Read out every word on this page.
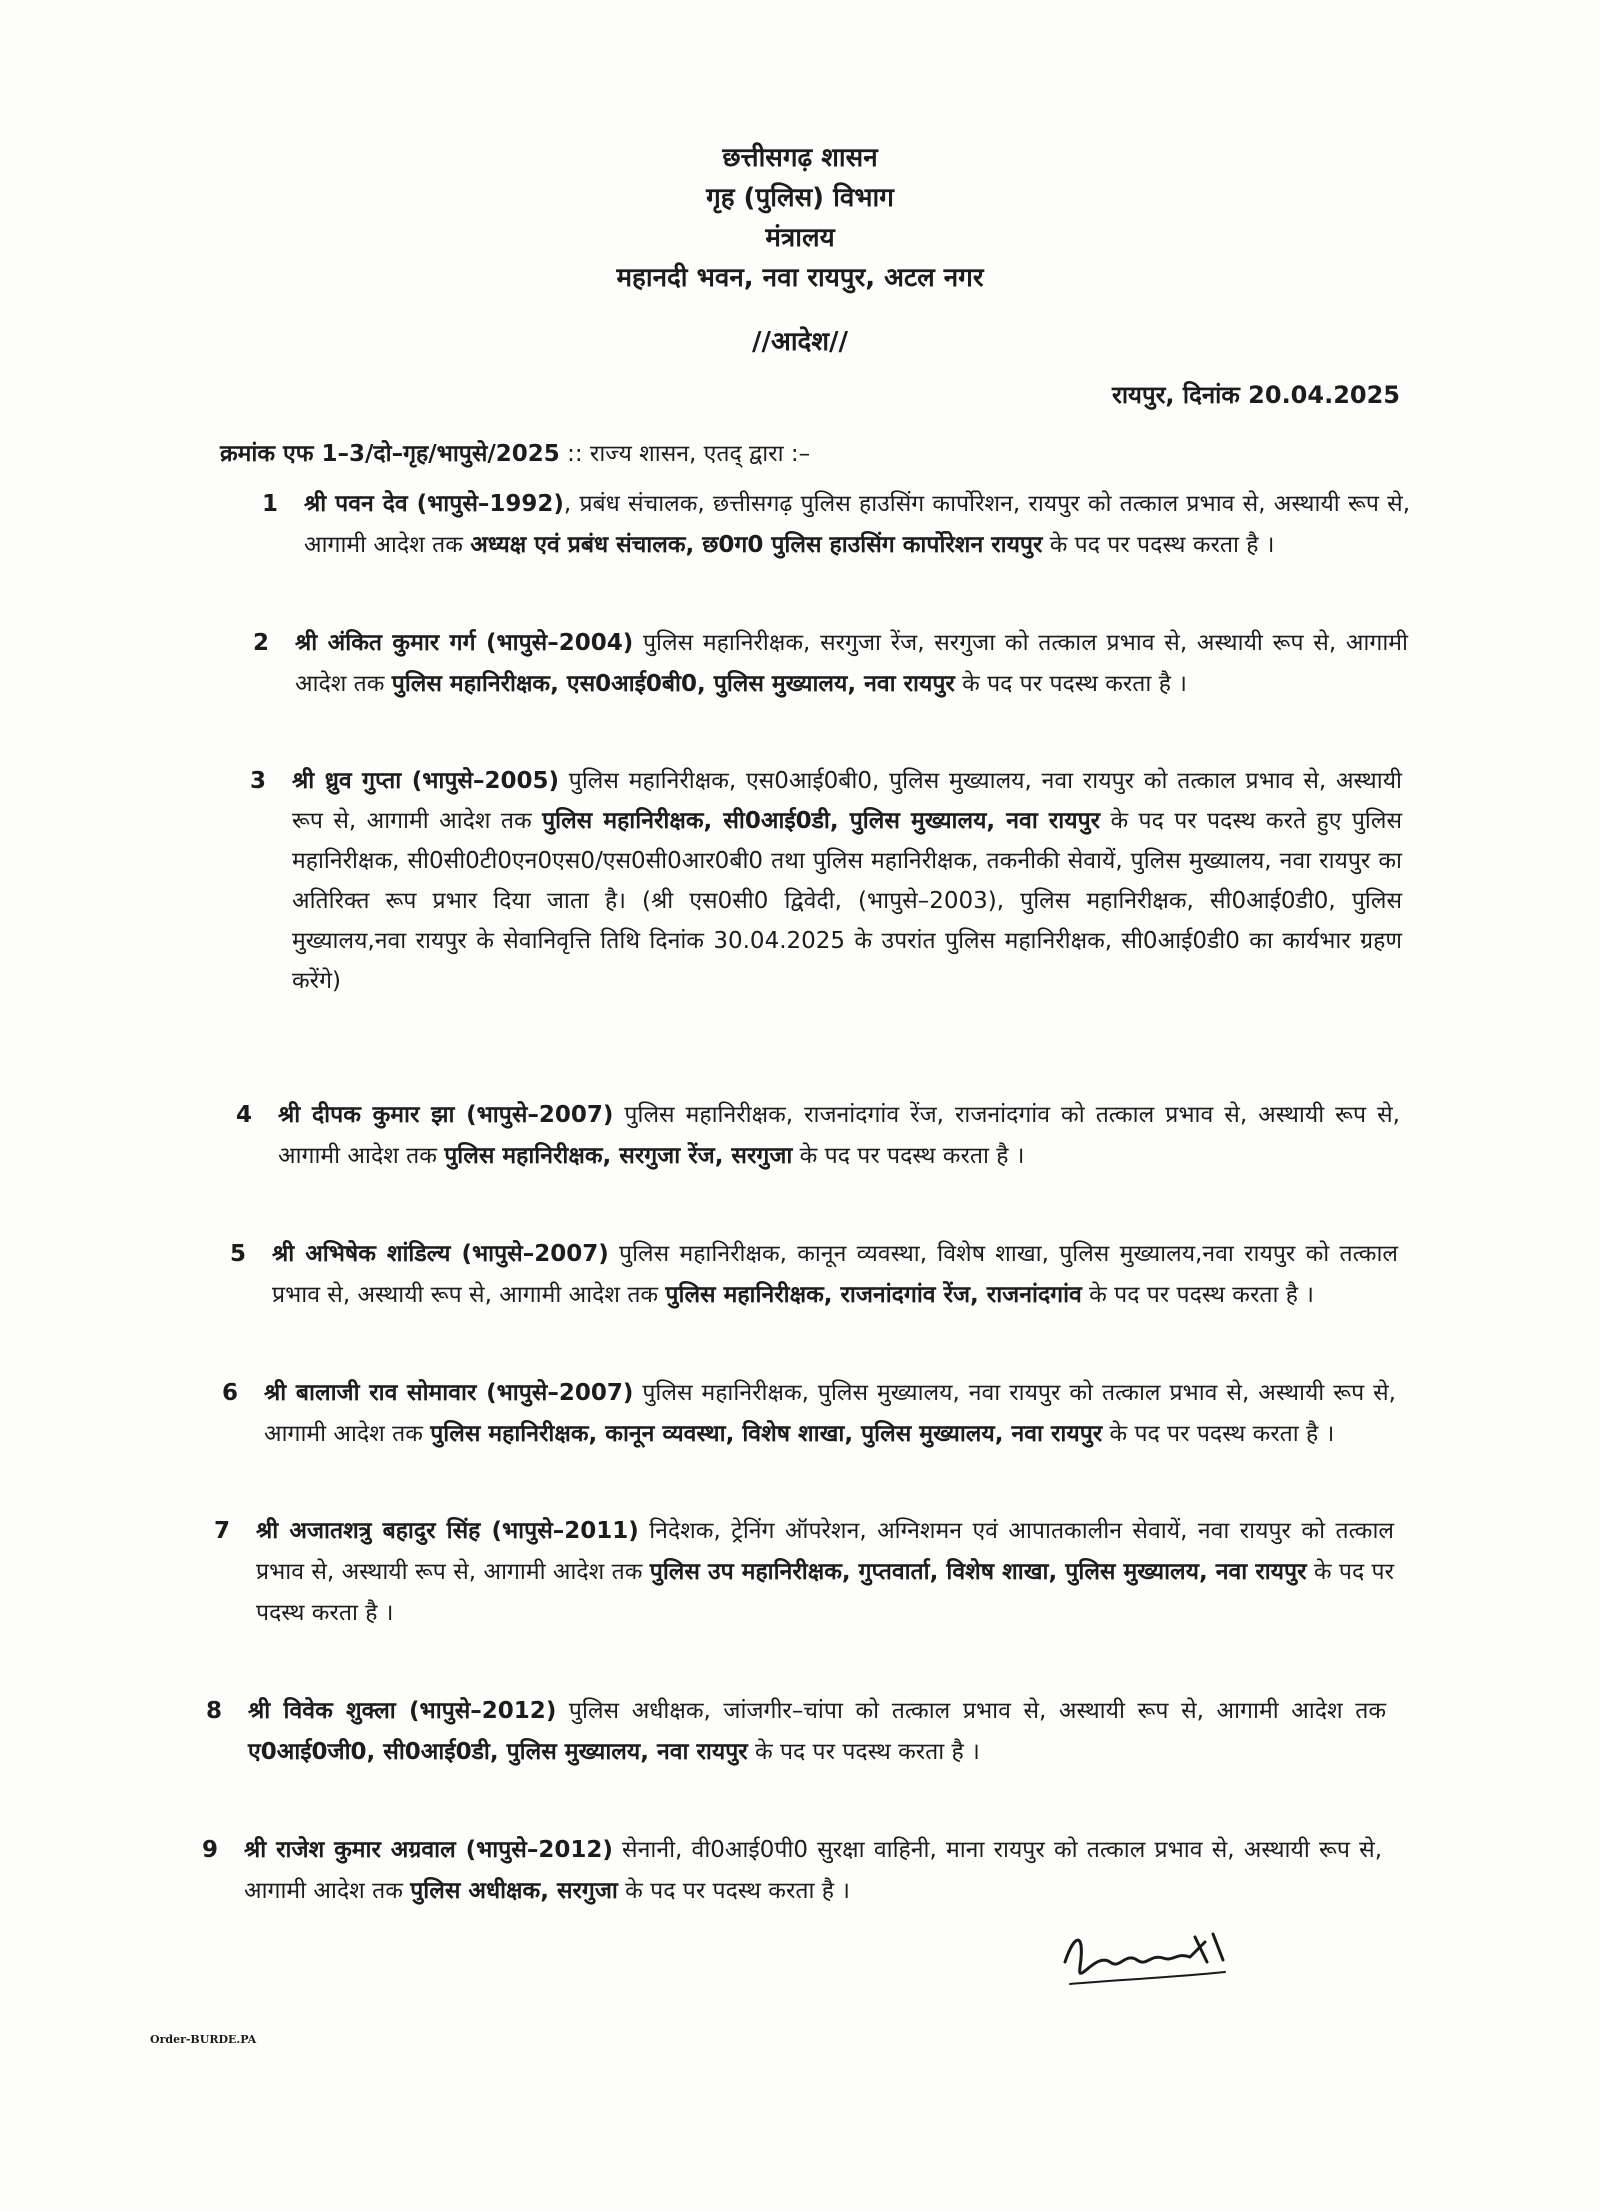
छत्तीसगढ़ शासन
गृह (पुलिस) विभाग
मंत्रालय
महानदी भवन, नवा रायपुर, अटल नगर
//आदेश//
रायपुर, दिनांक 20.04.2025
क्रमांक एफ 1–3/दो–गृह/भापुसे/2025 :: राज्य शासन, एतद् द्वारा :–
1	श्री पवन देव (भापुसे–1992), प्रबंध संचालक, छत्तीसगढ़ पुलिस हाउसिंग कार्पोरेशन, रायपुर को तत्काल प्रभाव से, अस्थायी रूप से, आगामी आदेश तक अध्यक्ष एवं प्रबंध संचालक, छ0ग0 पुलिस हाउसिंग कार्पोरेशन रायपुर के पद पर पदस्थ करता है ।
2	श्री अंकित कुमार गर्ग (भापुसे–2004) पुलिस महानिरीक्षक, सरगुजा रेंज, सरगुजा को तत्काल प्रभाव से, अस्थायी रूप से, आगामी आदेश तक पुलिस महानिरीक्षक, एस0आई0बी0, पुलिस मुख्यालय, नवा रायपुर के पद पर पदस्थ करता है ।
3	श्री ध्रुव गुप्ता (भापुसे–2005) पुलिस महानिरीक्षक, एस0आई0बी0, पुलिस मुख्यालय, नवा रायपुर को तत्काल प्रभाव से, अस्थायी रूप से, आगामी आदेश तक पुलिस महानिरीक्षक, सी0आई0डी, पुलिस मुख्यालय, नवा रायपुर के पद पर पदस्थ करते हुए पुलिस महानिरीक्षक, सी0सी0टी0एन0एस0/एस0सी0आर0बी0 तथा पुलिस महानिरीक्षक, तकनीकी सेवायें, पुलिस मुख्यालय, नवा रायपुर का अतिरिक्त रूप प्रभार दिया जाता है। (श्री एस0सी0 द्विवेदी, (भापुसे–2003), पुलिस महानिरीक्षक, सी0आई0डी0, पुलिस मुख्यालय,नवा रायपुर के सेवानिवृत्ति तिथि दिनांक 30.04.2025 के उपरांत पुलिस महानिरीक्षक, सी0आई0डी0 का कार्यभार ग्रहण करेंगे)
4	श्री दीपक कुमार झा (भापुसे–2007) पुलिस महानिरीक्षक, राजनांदगांव रेंज, राजनांदगांव को तत्काल प्रभाव से, अस्थायी रूप से, आगामी आदेश तक पुलिस महानिरीक्षक, सरगुजा रेंज, सरगुजा के पद पर पदस्थ करता है ।
5	श्री अभिषेक शांडिल्य (भापुसे–2007) पुलिस महानिरीक्षक, कानून व्यवस्था, विशेष शाखा, पुलिस मुख्यालय,नवा रायपुर को तत्काल प्रभाव से, अस्थायी रूप से, आगामी आदेश तक पुलिस महानिरीक्षक, राजनांदगांव रेंज, राजनांदगांव के पद पर पदस्थ करता है ।
6	श्री बालाजी राव सोमावार (भापुसे–2007) पुलिस महानिरीक्षक, पुलिस मुख्यालय, नवा रायपुर को तत्काल प्रभाव से, अस्थायी रूप से, आगामी आदेश तक पुलिस महानिरीक्षक, कानून व्यवस्था, विशेष शाखा, पुलिस मुख्यालय, नवा रायपुर के पद पर पदस्थ करता है ।
7	श्री अजातशत्रु बहादुर सिंह (भापुसे–2011) निदेशक, ट्रेनिंग ऑपरेशन, अग्निशमन एवं आपातकालीन सेवायें, नवा रायपुर को तत्काल प्रभाव से, अस्थायी रूप से, आगामी आदेश तक पुलिस उप महानिरीक्षक, गुप्तवार्ता, विशेष शाखा, पुलिस मुख्यालय, नवा रायपुर के पद पर पदस्थ करता है ।
8	श्री विवेक शुक्ला (भापुसे–2012) पुलिस अधीक्षक, जांजगीर–चांपा को तत्काल प्रभाव से, अस्थायी रूप से, आगामी आदेश तक ए0आई0जी0, सी0आई0डी, पुलिस मुख्यालय, नवा रायपुर के पद पर पदस्थ करता है ।
9	श्री राजेश कुमार अग्रवाल (भापुसे–2012) सेनानी, वी0आई0पी0 सुरक्षा वाहिनी, माना रायपुर को तत्काल प्रभाव से, अस्थायी रूप से, आगामी आदेश तक पुलिस अधीक्षक, सरगुजा के पद पर पदस्थ करता है ।
Order-BURDE.PA
